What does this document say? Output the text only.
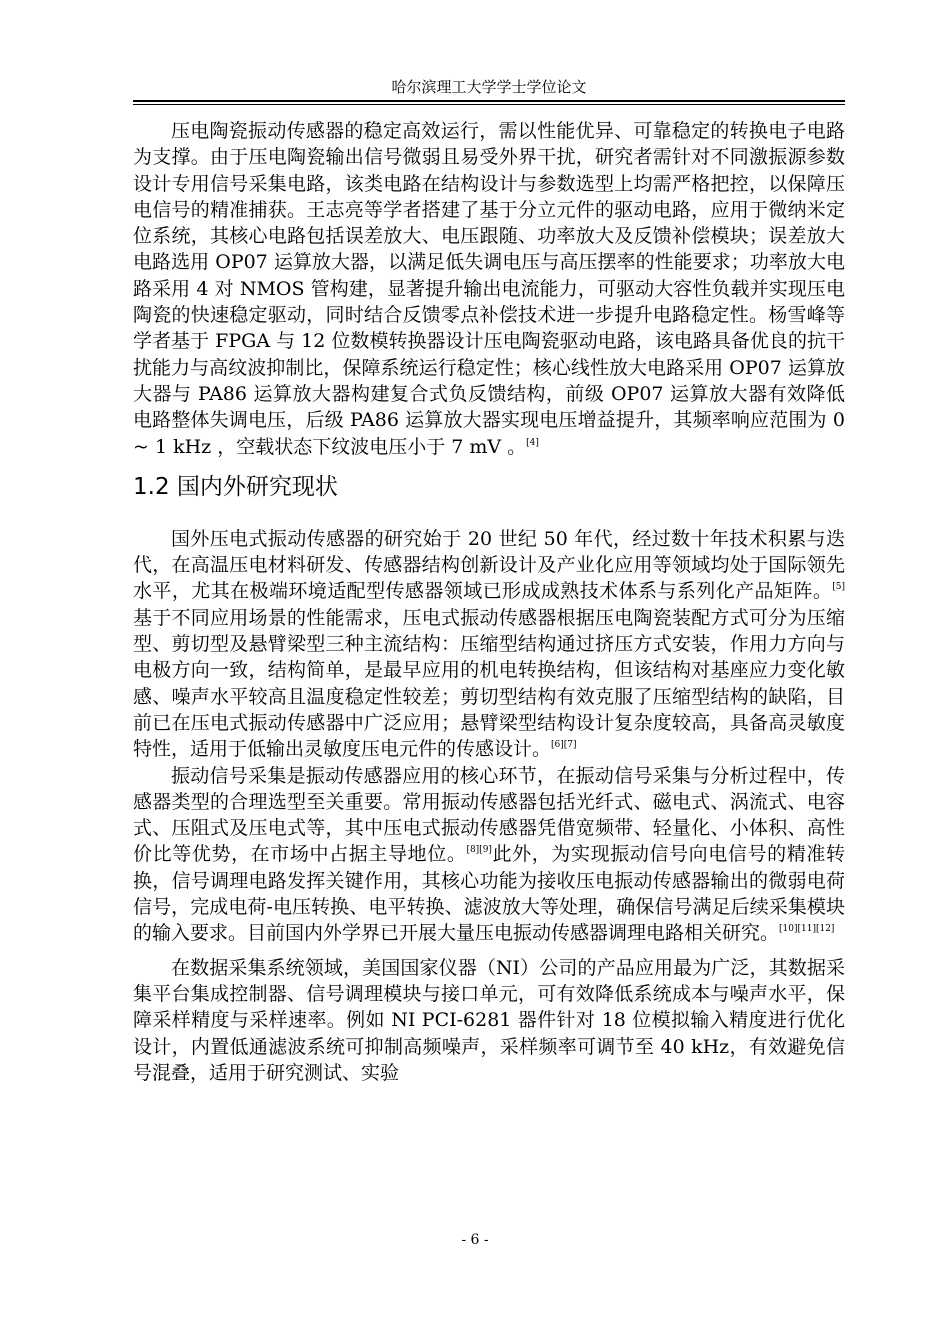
哈尔滨理工大学学士学位论文

压电陶瓷振动传感器的稳定高效运行，需以性能优异、可靠稳定的转换电子电路为支撑。由于压电陶瓷输出信号微弱且易受外界干扰，研究者需针对不同激振源参数设计专用信号采集电路，该类电路在结构设计与参数选型上均需严格把控，以保障压电信号的精准捕获。王志亮等学者搭建了基于分立元件的驱动电路，应用于微纳米定位系统，其核心电路包括误差放大、电压跟随、功率放大及反馈补偿模块；误差放大电路选用 OP07 运算放大器，以满足低失调电压与高压摆率的性能要求；功率放大电路采用 4 对 NMOS 管构建，显著提升输出电流能力，可驱动大容性负载并实现压电陶瓷的快速稳定驱动，同时结合反馈零点补偿技术进一步提升电路稳定性。杨雪峰等学者基于 FPGA 与 12 位数模转换器设计压电陶瓷驱动电路，该电路具备优良的抗干扰能力与高纹波抑制比，保障系统运行稳定性；核心线性放大电路采用 OP07 运算放大器与 PA86 运算放大器构建复合式负反馈结构，前级 OP07 运算放大器有效降低电路整体失调电压，后级 PA86 运算放大器实现电压增益提升，其频率响应范围为 0 ~ 1 kHz ，空载状态下纹波电压小于 7 mV 。[4]

1.2 国内外研究现状

国外压电式振动传感器的研究始于 20 世纪 50 年代，经过数十年技术积累与迭代，在高温压电材料研发、传感器结构创新设计及产业化应用等领域均处于国际领先水平，尤其在极端环境适配型传感器领域已形成成熟技术体系与系列化产品矩阵。[5]基于不同应用场景的性能需求，压电式振动传感器根据压电陶瓷装配方式可分为压缩型、剪切型及悬臂梁型三种主流结构：压缩型结构通过挤压方式安装，作用力方向与电极方向一致，结构简单，是最早应用的机电转换结构，但该结构对基座应力变化敏感、噪声水平较高且温度稳定性较差；剪切型结构有效克服了压缩型结构的缺陷，目前已在压电式振动传感器中广泛应用；悬臂梁型结构设计复杂度较高，具备高灵敏度特性，适用于低输出灵敏度压电元件的传感设计。[6][7]

振动信号采集是振动传感器应用的核心环节，在振动信号采集与分析过程中，传感器类型的合理选型至关重要。常用振动传感器包括光纤式、磁电式、涡流式、电容式、压阻式及压电式等，其中压电式振动传感器凭借宽频带、轻量化、小体积、高性价比等优势，在市场中占据主导地位。[8][9]此外，为实现振动信号向电信号的精准转换，信号调理电路发挥关键作用，其核心功能为接收压电振动传感器输出的微弱电荷信号，完成电荷-电压转换、电平转换、滤波放大等处理，确保信号满足后续采集模块的输入要求。目前国内外学界已开展大量压电振动传感器调理电路相关研究。[10][11][12]

在数据采集系统领域，美国国家仪器（NI）公司的产品应用最为广泛，其数据采集平台集成控制器、信号调理模块与接口单元，可有效降低系统成本与噪声水平，保障采样精度与采样速率。例如 NI PCI-6281 器件针对 18 位模拟输入精度进行优化设计，内置低通滤波系统可抑制高频噪声，采样频率可调节至 40 kHz，有效避免信号混叠，适用于研究测试、实验

- 6 -
